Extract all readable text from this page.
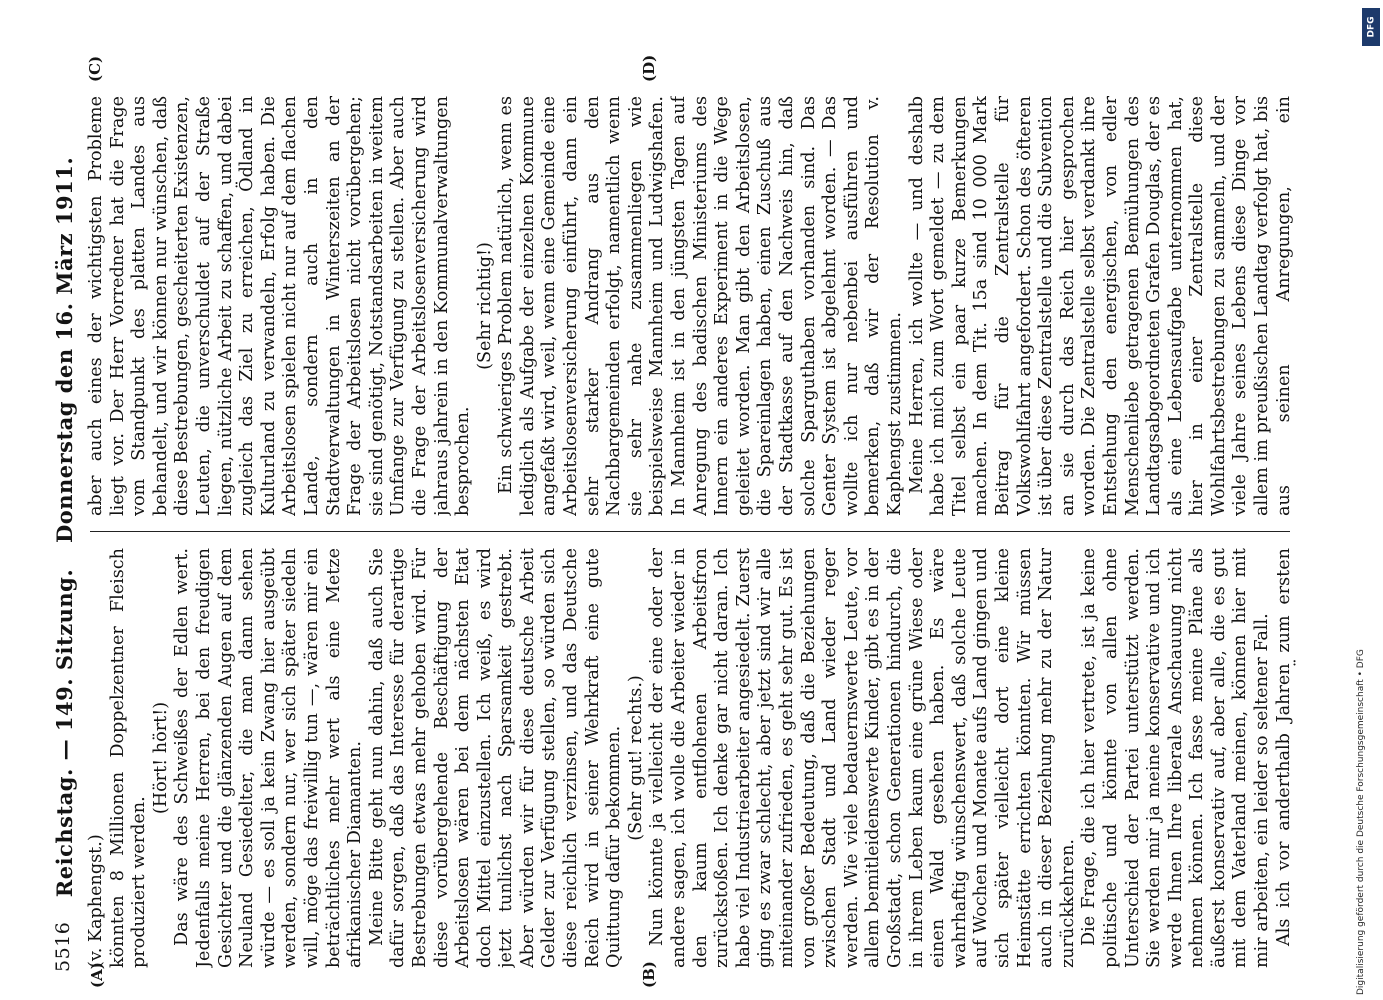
5516
Reichstag. — 149. Sitzung. Donnerstag den 16. März 1911.
(A)	(B)
(C)	(D)

(v. Kaphengst.) könnten 8 Millionen Doppelzentner Fleisch produziert werden.

(Hört! hört!) Das wäre des Schweißes der Edlen wert. Jedenfalls meine Herren, bei den freudigen Gesichter und die glänzenden Augen auf dem Neuland Gesiedelter, die man dann sehen würde — es soll ja kein Zwang hier ausgeübt werden, sondern nur, wer sich später siedeln will, möge das freiwillig tun —, wären mir ein beträchtliches mehr wert als eine Metze afrikanischer Diamanten. Meine Bitte geht nun dahin, daß auch Sie dafür sorgen, daß das Interesse für derartige Bestrebungen etwas mehr gehoben wird. Für diese vorübergehende Beschäftigung der Arbeitslosen wären bei dem nächsten Etat doch Mittel einzustellen. Ich weiß, es wird jetzt tunlichst nach Sparsamkeit gestrebt. Aber würden wir für diese deutsche Arbeit Gelder zur Verfügung stellen, so würden sich diese reichlich verzinsen, und das Deutsche Reich wird in seiner Wehrkraft eine gute Quittung dafür bekommen. (Sehr gut! rechts.) Nun könnte ja vielleicht der eine oder der andere sagen, ich wolle die Arbeiter wieder in den kaum entflohenen Arbeitsfron zurückstoßen. Ich denke gar nicht daran. Ich habe viel Industriearbeiter angesiedelt. Zuerst ging es zwar schlecht, aber jetzt sind wir alle miteinander zufrieden, es geht sehr gut. Es ist von großer Bedeutung, daß die Beziehungen zwischen Stadt und Land wieder reger werden. Wie viele bedauernswerte Leute, vor allem bemitleidenswerte Kinder, gibt es in der Großstadt, schon Generationen hindurch, die in ihrem Leben kaum eine grüne Wiese oder einen Wald gesehen haben. Es wäre wahrhaftig wünschenswert, daß solche Leute auf Wochen und Monate aufs Land gingen und sich später vielleicht dort eine kleine Heimstätte errichten könnten. Wir müssen auch in dieser Beziehung mehr zu der Natur zurückkehren. Die Frage, die ich hier vertrete, ist ja keine politische und könnte von allen ohne Unterschied der Partei unterstützt werden. Sie werden mir ja meine konservative und ich werde Ihnen Ihre liberale Anschauung nicht nehmen können. Ich fasse meine Pläne als äußerst konservativ auf, aber alle, die es gut mit dem Vaterland meinen, können hier mit mir arbeiten, ein leider so seltener Fall. Als ich vor anderthalb Jahren zum ersten

aber auch eines der wichtigsten Probleme liegt vor. Der Herr Vorredner hat die Frage vom Standpunkt des platten Landes aus behandelt, und wir können nur wünschen, daß diese Bestrebungen, gescheiterten Existenzen, Leuten, die unverschuldet auf der Straße liegen, nützliche Arbeit zu schaffen, und dabei zugleich das Ziel zu erreichen, Ödland in Kulturland zu verwandeln, Erfolg haben. Die Arbeitslosen spielen nicht nur auf dem flachen Lande, sondern auch in den Stadtverwaltungen in Winterszeiten an der Frage der Arbeitslosen nicht vorübergehen; sie sind genötigt, Notstandsarbeiten in weitem Umfange zur Verfügung zu stellen. Aber auch die Frage der Arbeitslosenversicherung wird jahraus jahrein in den Kommunalverwaltungen besprochen.

(Sehr richtig!) Ein schwieriges Problem natürlich, wenn es lediglich als Aufgabe der einzelnen Kommune angefaßt wird, weil, wenn eine Gemeinde eine Arbeitslosenversicherung einführt, dann ein sehr starker Andrang aus den Nachbargemeinden erfolgt, namentlich wenn sie sehr nahe zusammenliegen wie beispielsweise Mannheim und Ludwigshafen. In Mannheim ist in den jüngsten Tagen auf Anregung des badischen Ministeriums des Innern ein anderes Experiment in die Wege geleitet worden. Man gibt den Arbeitslosen, die Spareinlagen haben, einen Zuschuß aus der Stadtkasse auf den Nachweis hin, daß solche Sparguthaben vorhanden sind. Das Genter System ist abgelehnt worden. — Das wollte ich nur nebenbei ausführen und bemerken, daß wir der Resolution v. Kaphengst zustimmen. Meine Herren, ich wollte — und deshalb habe ich mich zum Wort gemeldet — zu dem Titel selbst ein paar kurze Bemerkungen machen. In dem Tit. 15a sind 10 000 Mark Beitrag für die Zentralstelle für Volkswohlfahrt angefordert. Schon des öfteren ist über diese Zentralstelle und die Subvention an sie durch das Reich hier gesprochen worden. Die Zentralstelle selbst verdankt ihre Entstehung den energischen, von edler Menschenliebe getragenen Bemühungen des Landtagsabgeordneten Grafen Douglas, der es als eine Lebensaufgabe unternommen hat, hier in einer Zentralstelle diese Wohlfahrtsbestrebungen zu sammeln, und der viele Jahre seines Lebens diese Dinge vor allem im preußischen Landtag verfolgt hat, bis aus seinen Anregungen, ein

Digitalisierung gefördert durch die Deutsche Forschungsgemeinschaft • DFG
DFG
